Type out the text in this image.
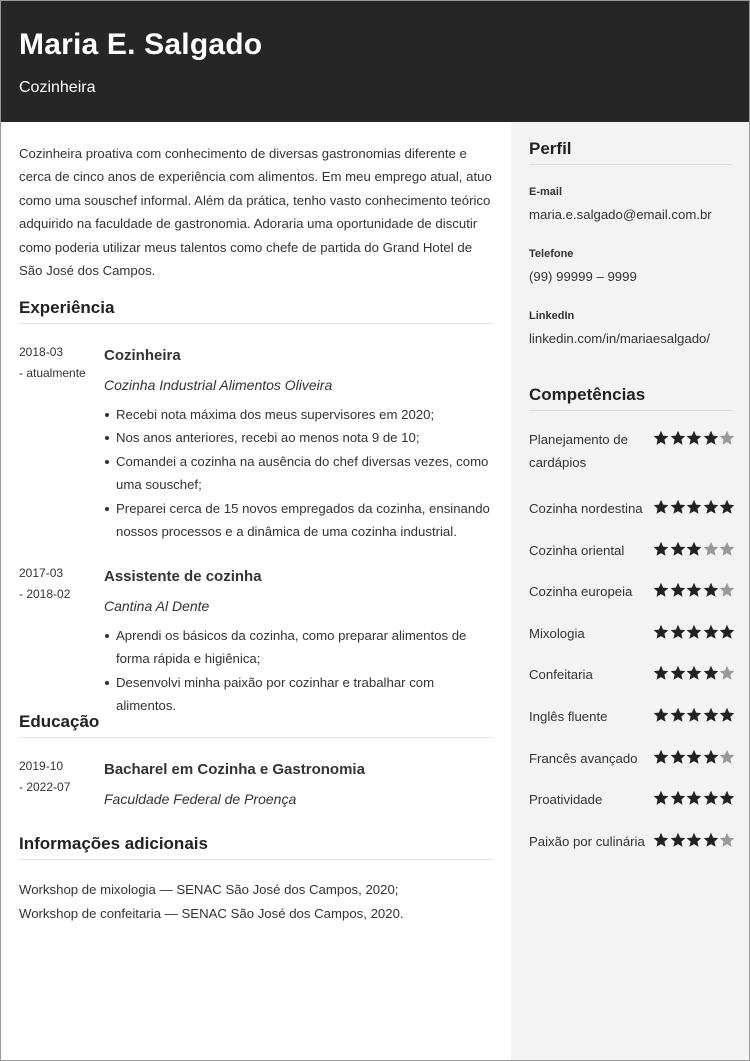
Maria E. Salgado
Cozinheira
Cozinheira proativa com conhecimento de diversas gastronomias diferente e cerca de cinco anos de experiência com alimentos. Em meu emprego atual, atuo como uma souschef informal. Além da prática, tenho vasto conhecimento teórico adquirido na faculdade de gastronomia. Adoraria uma oportunidade de discutir como poderia utilizar meus talentos como chefe de partida do Grand Hotel de São José dos Campos.
Experiência
2018-03
- atualmente
Cozinheira
Cozinha Industrial Alimentos Oliveira
Recebi nota máxima dos meus supervisores em 2020;
Nos anos anteriores, recebi ao menos nota 9 de 10;
Comandei a cozinha na ausência do chef diversas vezes, como uma souschef;
Preparei cerca de 15 novos empregados da cozinha, ensinando nossos processos e a dinâmica de uma cozinha industrial.
2017-03
- 2018-02
Assistente de cozinha
Cantina Al Dente
Aprendi os básicos da cozinha, como preparar alimentos de forma rápida e higiênica;
Desenvolvi minha paixão por cozinhar e trabalhar com alimentos.
Educação
2019-10
- 2022-07
Bacharel em Cozinha e Gastronomia
Faculdade Federal de Proença
Informações adicionais
Workshop de mixologia — SENAC São José dos Campos, 2020;
Workshop de confeitaria — SENAC São José dos Campos, 2020.
Perfil
E-mail
maria.e.salgado@email.com.br
Telefone
(99) 99999 – 9999
LinkedIn
linkedin.com/in/mariaesalgado/
Competências
Planejamento de cardápios
Cozinha nordestina
Cozinha oriental
Cozinha europeia
Mixologia
Confeitaria
Inglês fluente
Francês avançado
Proatividade
Paixão por culinária
